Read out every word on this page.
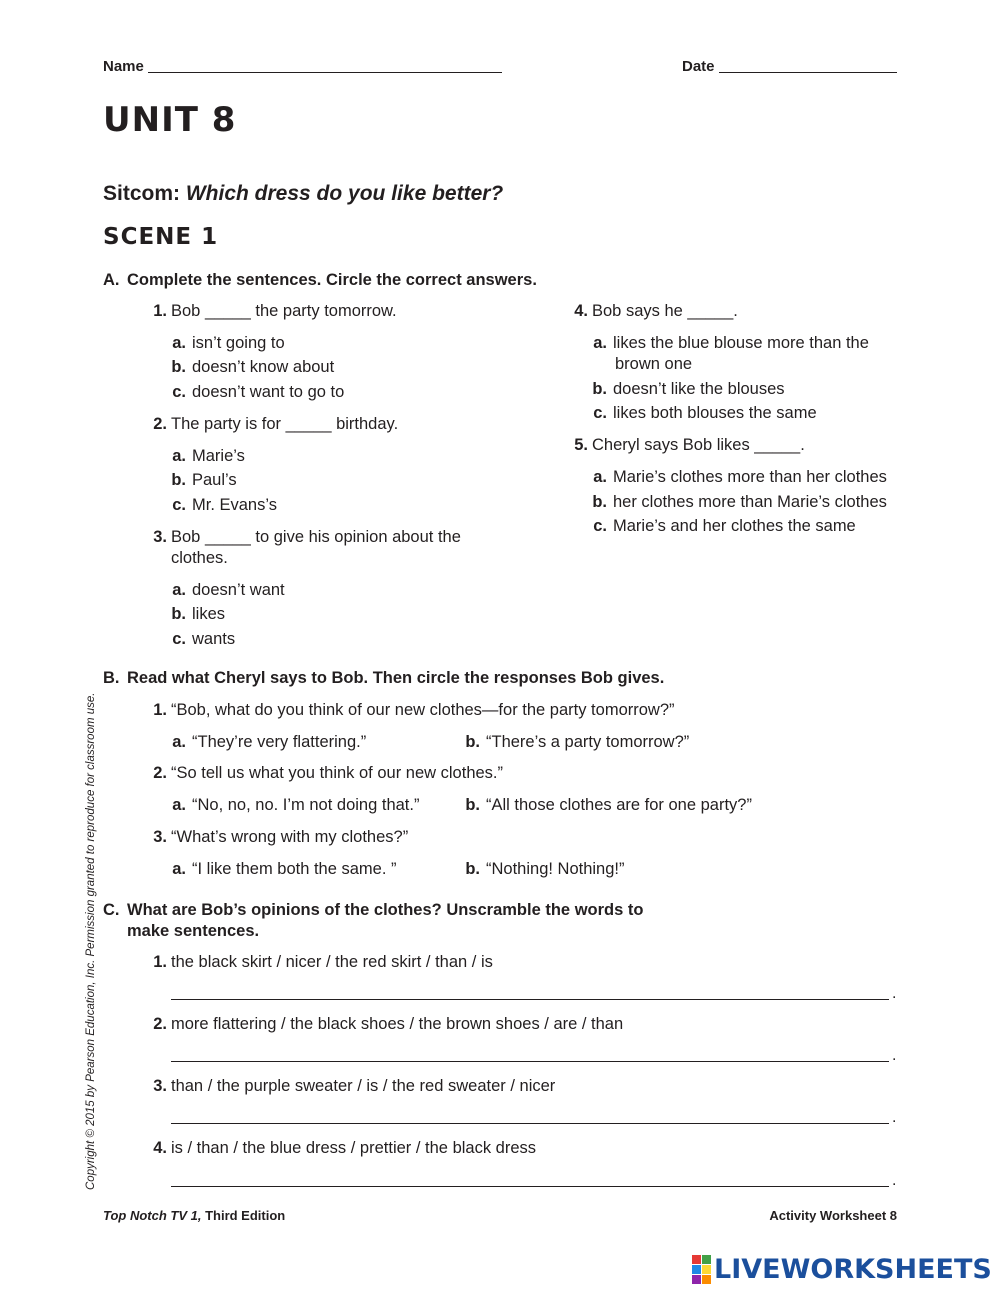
Name	Date
UNIT 8
Sitcom: Which dress do you like better?
SCENE 1
A. Complete the sentences. Circle the correct answers.
1. Bob _____ the party tomorrow.
a. isn’t going to
b. doesn’t know about
c. doesn’t want to go to
2. The party is for _____ birthday.
a. Marie’s
b. Paul’s
c. Mr. Evans’s
3. Bob _____ to give his opinion about the
clothes.
a. doesn’t want
b. likes
c. wants
4. Bob says he _____.
a. likes the blue blouse more than the
brown one
b. doesn’t like the blouses
c. likes both blouses the same
5. Cheryl says Bob likes _____.
a. Marie’s clothes more than her clothes
b. her clothes more than Marie’s clothes
c. Marie’s and her clothes the same
B. Read what Cheryl says to Bob. Then circle the responses Bob gives.
1. “Bob, what do you think of our new clothes—for the party tomorrow?”
a. “They’re very flattering.”	b. “There’s a party tomorrow?”
2. “So tell us what you think of our new clothes.”
a. “No, no, no. I’m not doing that.”	b. “All those clothes are for one party?”
3. “What’s wrong with my clothes?”
a. “I like them both the same. ”	b. “Nothing! Nothing!”
C. What are Bob’s opinions of the clothes? Unscramble the words to
make sentences.
1. the black skirt / nicer / the red skirt / than / is
.
2. more flattering / the black shoes / the brown shoes / are / than
.
3. than / the purple sweater / is / the red sweater / nicer
.
4. is / than / the blue dress / prettier / the black dress
.
Copyright © 2015 by Pearson Education, Inc. Permission granted to reproduce for classroom use.
Top Notch TV 1, Third Edition	Activity Worksheet 8
LIVEWORKSHEETS
